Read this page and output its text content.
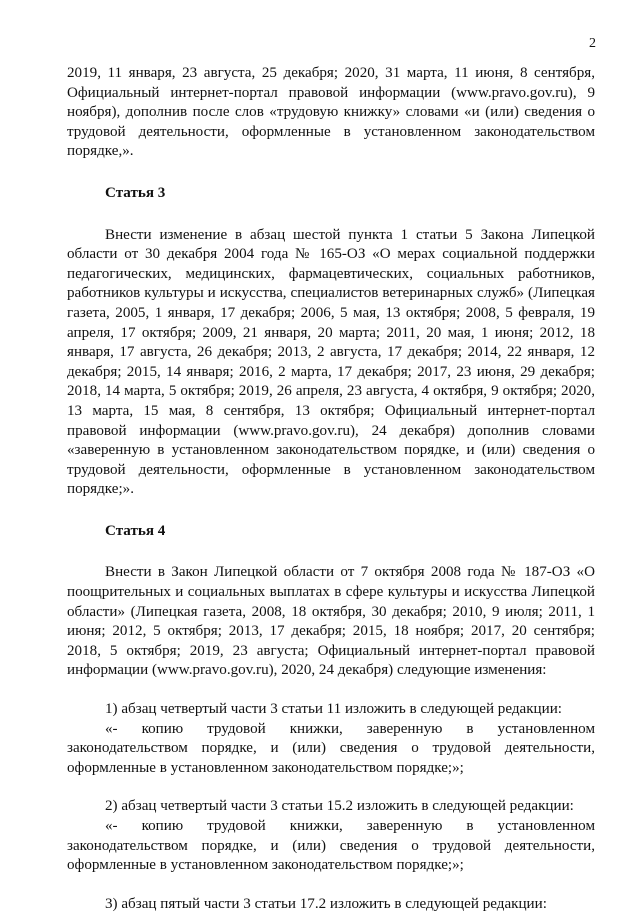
2

2019, 11 января, 23 августа, 25 декабря; 2020, 31 марта, 11 июня, 8 сентября, Официальный интернет-портал правовой информации (www.pravo.gov.ru), 9 ноября), дополнив после слов «трудовую книжку» словами «и (или) сведения о трудовой деятельности, оформленные в установленном законодательством порядке,».

Статья 3

Внести изменение в абзац шестой пункта 1 статьи 5 Закона Липецкой области от 30 декабря 2004 года № 165-ОЗ «О мерах социальной поддержки педагогических, медицинских, фармацевтических, социальных работников, работников культуры и искусства, специалистов ветеринарных служб» (Липецкая газета, 2005, 1 января, 17 декабря; 2006, 5 мая, 13 октября; 2008, 5 февраля, 19 апреля, 17 октября; 2009, 21 января, 20 марта; 2011, 20 мая, 1 июня; 2012, 18 января, 17 августа, 26 декабря; 2013, 2 августа, 17 декабря; 2014, 22 января, 12 декабря; 2015, 14 января; 2016, 2 марта, 17 декабря; 2017, 23 июня, 29 декабря; 2018, 14 марта, 5 октября; 2019, 26 апреля, 23 августа, 4 октября, 9 октября; 2020, 13 марта, 15 мая, 8 сентября, 13 октября; Официальный интернет-портал правовой информации (www.pravo.gov.ru), 24 декабря) дополнив словами «заверенную в установленном законодательством порядке, и (или) сведения о трудовой деятельности, оформленные в установленном законодательством порядке;».

Статья 4

Внести в Закон Липецкой области от 7 октября 2008 года № 187-ОЗ «О поощрительных и социальных выплатах в сфере культуры и искусства Липецкой области» (Липецкая газета, 2008, 18 октября, 30 декабря; 2010, 9 июля; 2011, 1 июня; 2012, 5 октября; 2013, 17 декабря; 2015, 18 ноября; 2017, 20 сентября; 2018, 5 октября; 2019, 23 августа; Официальный интернет-портал правовой информации (www.pravo.gov.ru), 2020, 24 декабря) следующие изменения:

1) абзац четвертый части 3 статьи 11 изложить в следующей редакции:

«- копию трудовой книжки, заверенную в установленном законодательством порядке, и (или) сведения о трудовой деятельности, оформленные в установленном законодательством порядке;»;

2) абзац четвертый части 3 статьи 15.2 изложить в следующей редакции:

«- копию трудовой книжки, заверенную в установленном законодательством порядке, и (или) сведения о трудовой деятельности, оформленные в установленном законодательством порядке;»;

3) абзац пятый части 3 статьи 17.2 изложить в следующей редакции:
